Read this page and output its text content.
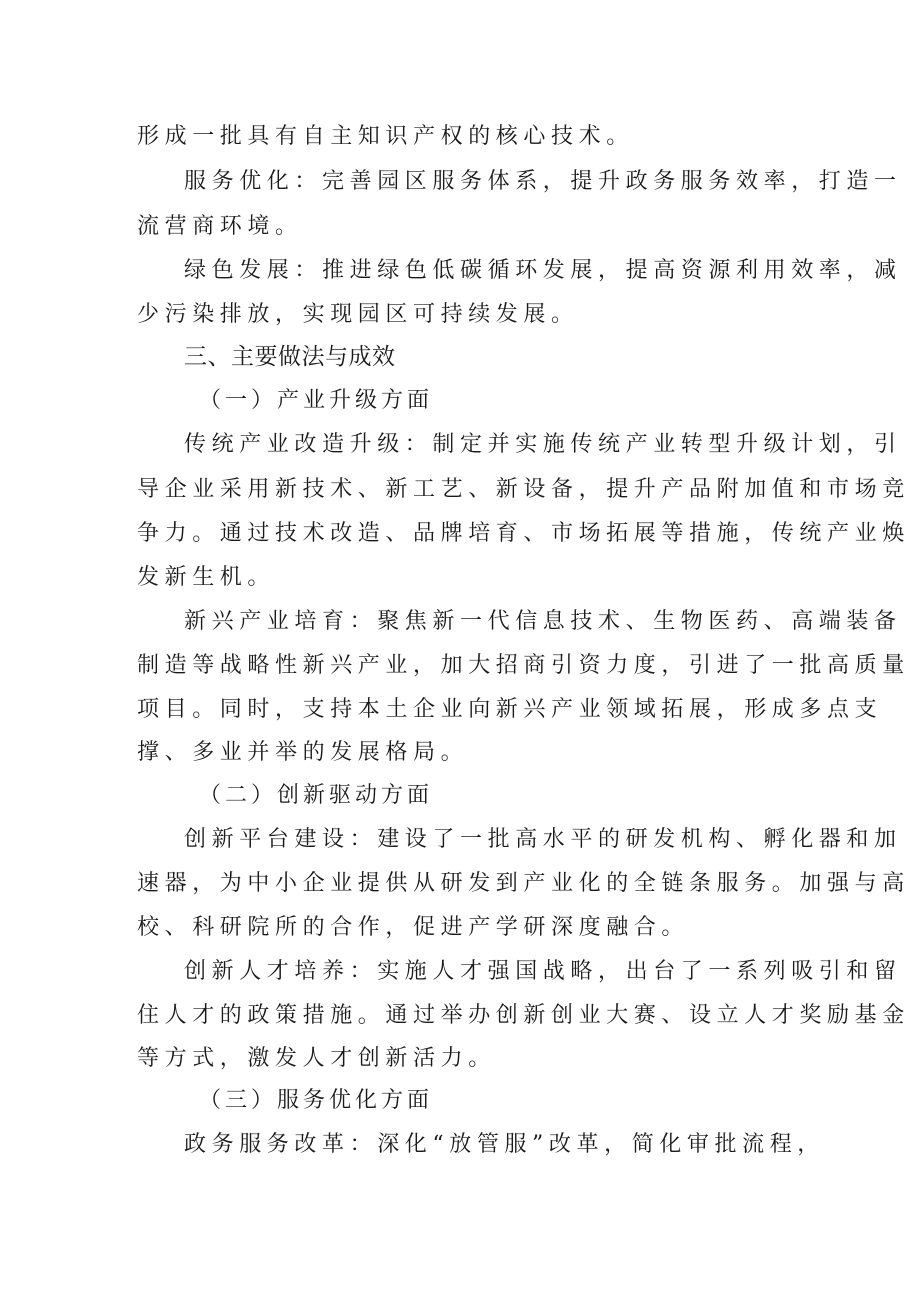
形成一批具有自主知识产权的核心技术。
服务优化：完善园区服务体系，提升政务服务效率，打造一
流营商环境。
绿色发展：推进绿色低碳循环发展，提高资源利用效率，减
少污染排放，实现园区可持续发展。
三、主要做法与成效
（一）产业升级方面
传统产业改造升级：制定并实施传统产业转型升级计划，引
导企业采用新技术、新工艺、新设备，提升产品附加值和市场竞
争力。通过技术改造、品牌培育、市场拓展等措施，传统产业焕
发新生机。
新兴产业培育：聚焦新一代信息技术、生物医药、高端装备
制造等战略性新兴产业，加大招商引资力度，引进了一批高质量
项目。同时，支持本土企业向新兴产业领域拓展，形成多点支
撑、多业并举的发展格局。
（二）创新驱动方面
创新平台建设：建设了一批高水平的研发机构、孵化器和加
速器，为中小企业提供从研发到产业化的全链条服务。加强与高
校、科研院所的合作，促进产学研深度融合。
创新人才培养：实施人才强国战略，出台了一系列吸引和留
住人才的政策措施。通过举办创新创业大赛、设立人才奖励基金
等方式，激发人才创新活力。
（三）服务优化方面
政务服务改革：深化“放管服”改革，简化审批流程，
